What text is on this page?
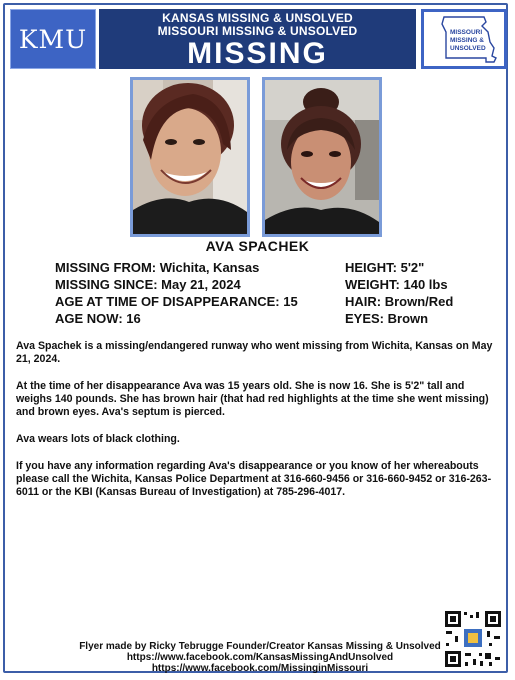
KMU
KANSAS MISSING & UNSOLVED
MISSOURI MISSING & UNSOLVED
MISSING
MISSOURI
MISSING &
UNSOLVED
AVA SPACHEK
MISSING FROM: Wichita, Kansas
MISSING SINCE: May 21, 2024
AGE AT TIME OF DISAPPEARANCE: 15
AGE NOW: 16
HEIGHT: 5'2"
WEIGHT: 140 lbs
HAIR: Brown/Red
EYES: Brown

Ava Spachek is a missing/endangered runway who went missing from Wichita, Kansas on May 21, 2024.

At the time of her disappearance Ava was 15 years old. She is now 16. She is 5'2" tall and weighs 140 pounds. She has brown hair (that had red highlights at the time she went missing) and brown eyes. Ava's septum is pierced.

Ava wears lots of black clothing.

If you have any information regarding Ava's disappearance or you know of her whereabouts please call the Wichita, Kansas Police Department at 316-660-9456 or 316-660-9452 or 316-263-6011 or the KBI (Kansas Bureau of Investigation) at 785-296-4017.

Flyer made by Ricky Tebrugge Founder/Creator Kansas Missing & Unsolved
https://www.facebook.com/KansasMissingAndUnsolved
https://www.facebook.com/MissinginMissouri
